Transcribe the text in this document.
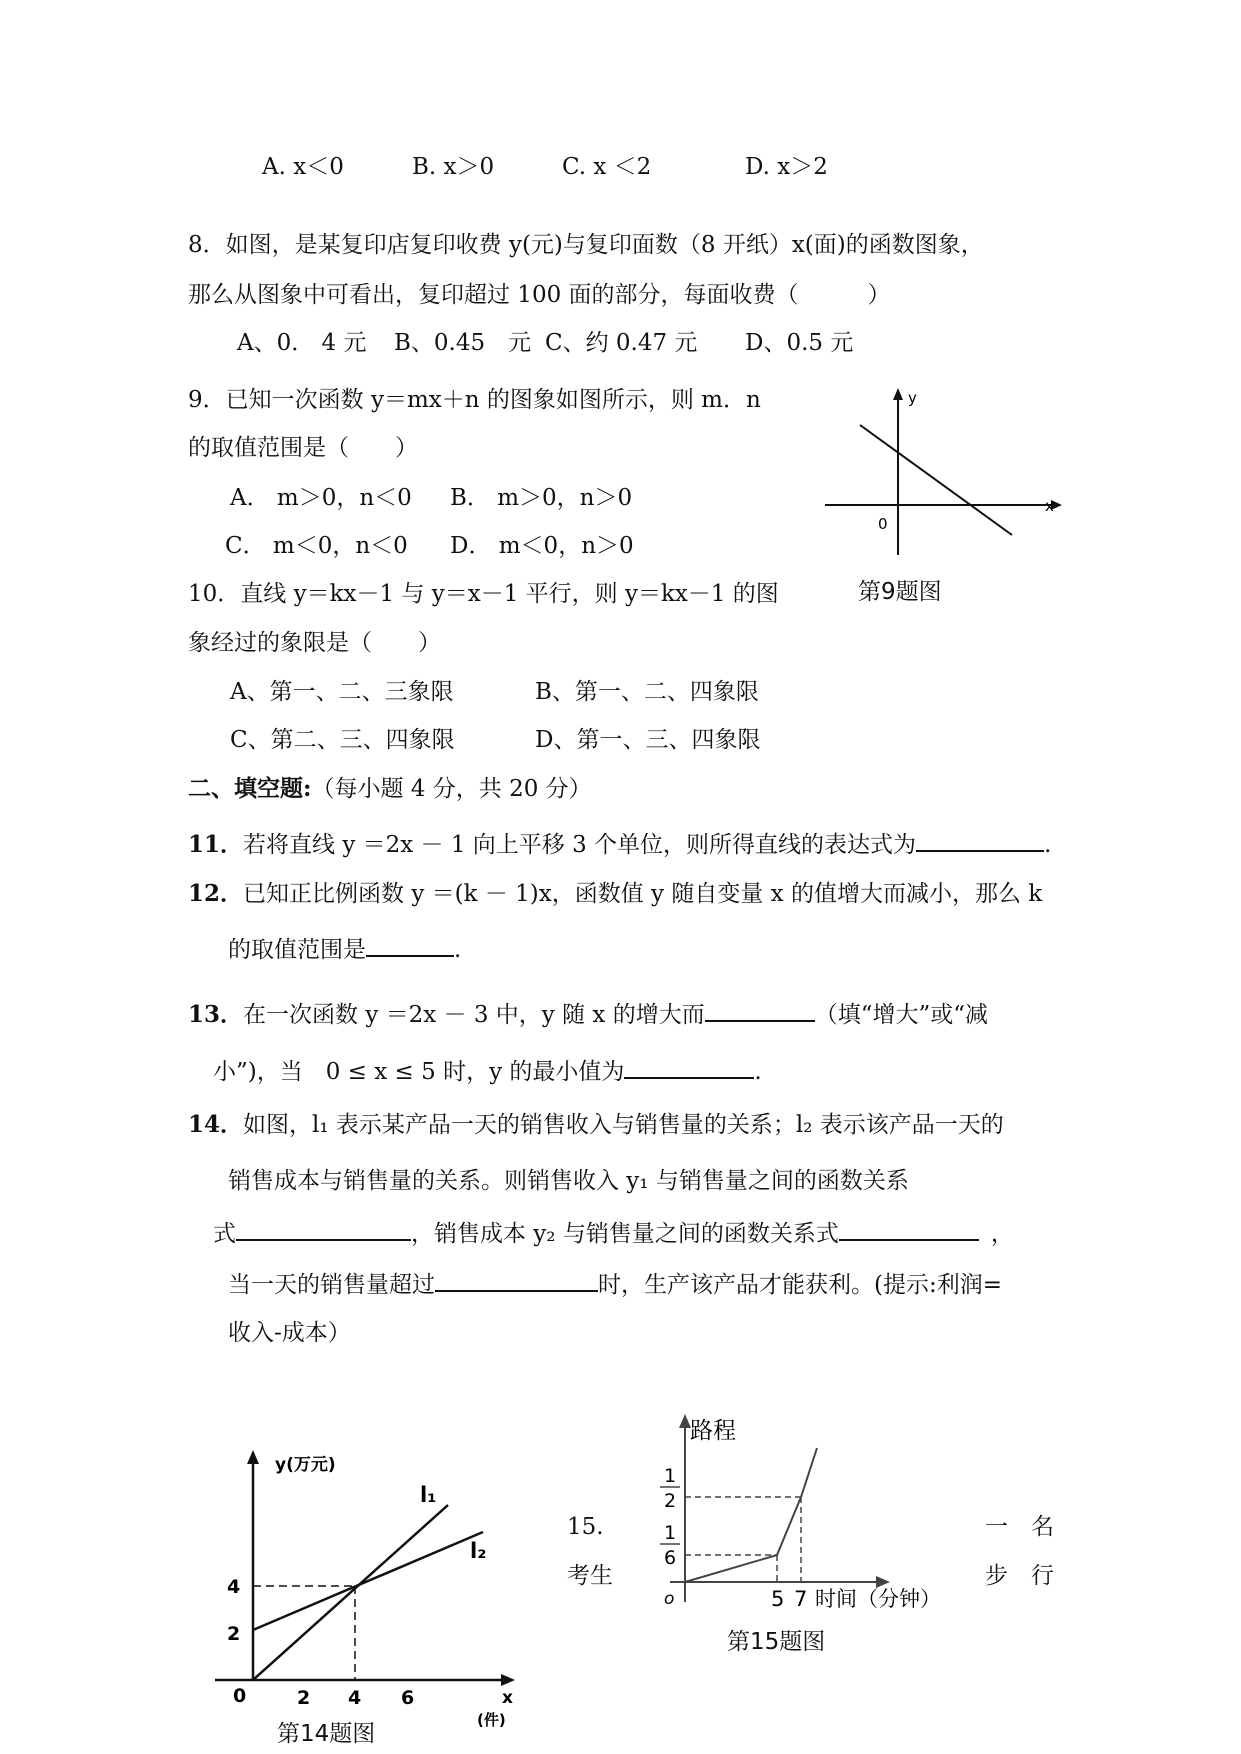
A. x＜0	B. x＞0	C. x ＜2	D. x＞2
8．如图，是某复印店复印收费 y(元)与复印面数（8 开纸）x(面)的函数图象，
那么从图象中可看出，复印超过 100 面的部分，每面收费（　　　）
A、0． 4 元 B、0.45　元 C、约 0.47 元 D、0.5 元
9．已知一次函数 y＝mx＋n 的图象如图所示，则 m．n
的取值范围是（　　）
A． m＞0，n＜0 B． m＞0，n＞0
C． m＜0，n＜0 D． m＜0，n＞0
y
x
0
第9题图
10．直线 y＝kx－1 与 y＝x－1 平行，则 y＝kx－1 的图
象经过的象限是（　　）
A、第一、二、三象限	B、第一、二、四象限
C、第二、三、四象限	D、第一、三、四象限
二、填空题:（每小题 4 分，共 20 分）
11．若将直线 y ＝2x － 1 向上平移 3 个单位，则所得直线的表达式为	.
12．已知正比例函数 y ＝(k － 1)x，函数值 y 随自变量 x 的值增大而减小，那么 k
的取值范围是	.
13．在一次函数 y ＝2x － 3 中，y 随 x 的增大而	（填“增大”或“减
小”)，当　0 ≤ x ≤ 5 时，y 的最小值为	.
14．如图，l₁ 表示某产品一天的销售收入与销售量的关系；l₂ 表示该产品一天的
销售成本与销售量的关系。则销售收入 y₁ 与销售量之间的函数关系
式	，销售成本 y₂ 与销售量之间的函数关系式	，
当一天的销售量超过	时，生产该产品才能获利。(提示:利润=
收入-成本）
y(万元)
l₁
l₂
4
2
0	2 4 6	x
(件)
第14题图
15.
考生
一　名
步　行
路程
1
2
1
6
o	5 7 时间（分钟）
第15题图
